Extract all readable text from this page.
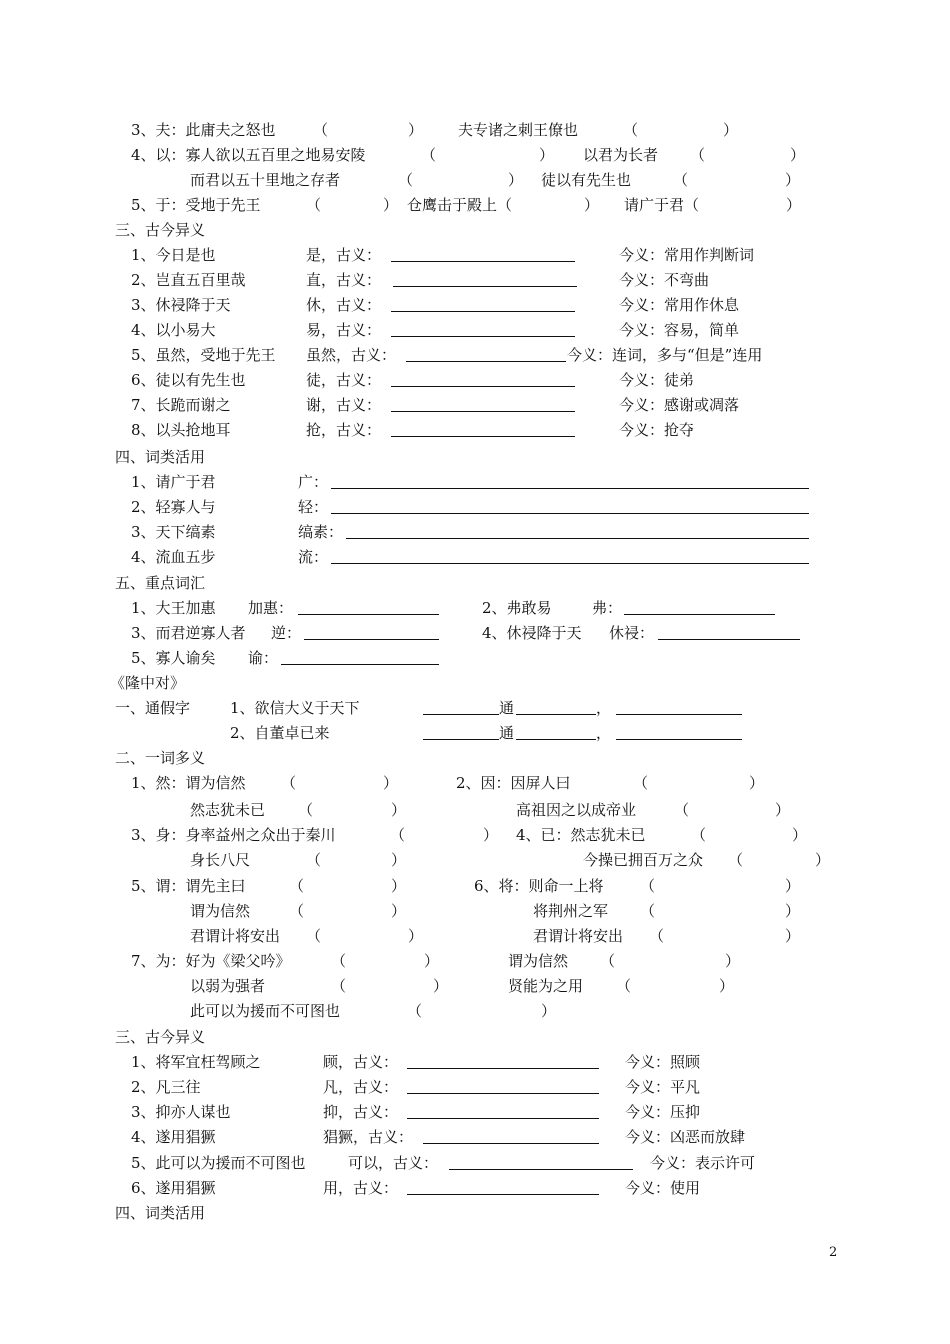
3、夫：此庸夫之怒也 （	） 夫专诸之刺王僚也	（	）
4、以：寡人欲以五百里之地易安陵	（	） 以君为长者 （	）
而君以五十里地之存者	（	） 徒以有先生也	（	）
5、于：受地于先王	（	） 仓鹰击于殿上（	） 请广于君（	）
三、古今异义
1、今日是也	是，古义：	今义：常用作判断词
2、岂直五百里哉	直，古义：	今义：不弯曲
3、休祲降于天	休，古义：	今义：常用作休息
4、以小易大	易，古义：	今义：容易，简单
5、虽然，受地于先王 虽然，古义：	今义：连词，多与“但是”连用
6、徒以有先生也	徒，古义：	今义：徒弟
7、长跪而谢之	谢，古义：	今义：感谢或凋落
8、以头抢地耳	抢，古义：	今义：抢夺
四、词类活用
1、请广于君	广：
2、轻寡人与	轻：
3、天下缟素	缟素：
4、流血五步	流：
五、重点词汇
1、大王加惠 加惠：	2、弗敢易	弗：
3、而君逆寡人者 逆：	4、休祲降于天 休祲：
5、寡人谕矣 谕：
《隆中对》
一、通假字	1、欲信大义于天下	通	，
2、自董卓已来	通	，
二、一词多义
1、然：谓为信然 （	）	2、因：因屏人曰	（	）
然志犹未已 （	）	高祖因之以成帝业	（	）
3、身：身率益州之众出于秦川	（	） 4、已：然志犹未已	（	）
身长八尺	（	）	今操已拥百万之众 （	）
5、谓：谓先主曰	（	）	6、将：则命一上将 （	）
谓为信然	（	）	将荆州之军 （	）
君谓计将安出 （	）	君谓计将安出 （	）
7、为：好为《梁父吟》	（	）	谓为信然 （	）
以弱为强者	（	）	贤能为之用 （	）
此可以为援而不可图也	（	）
三、古今异义
1、将军宜枉驾顾之	顾，古义：	今义：照顾
2、凡三往	凡，古义：	今义：平凡
3、抑亦人谋也	抑，古义：	今义：压抑
4、遂用猖獗	猖獗，古义：	今义：凶恶而放肆
5、此可以为援而不可图也	可以，古义：	今义：表示许可
6、遂用猖獗	用，古义：	今义：使用
四、词类活用
2
